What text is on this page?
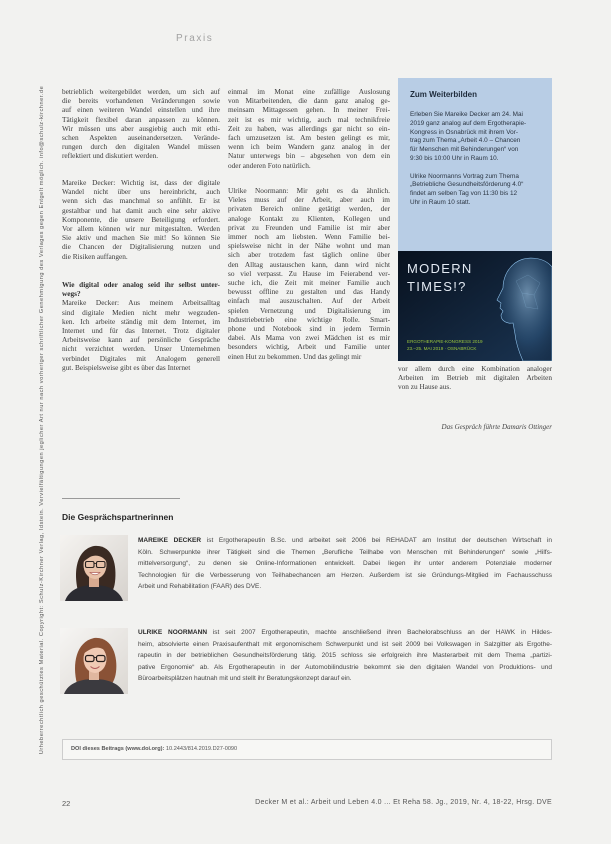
Praxis
Urheberrechtlich geschütztes Material. Copyright: Schulz-Kirchner Verlag, Idstein. Vervielfältigungen jeglicher Art nur nach vorheriger schriftlicher Genehmigung des Verlages gegen Entgelt möglich. info@schulz-kirchner.de betrieblich weitergebildet werden, um sich auf
die bereits vorhandenen Veränderungen sowie
auf einen weiteren Wandel einstellen und ihre
Tätigkeit flexibel daran anpassen zu können.
Wir müssen uns aber ausgiebig auch mit ethi-
schen Aspekten auseinandersetzen. Verände-
rungen durch den digitalen Wandel müssen
reflektiert und diskutiert werden.
Mareike Decker: Wichtig ist, dass der digitale
Wandel nicht über uns hereinbricht, auch
wenn sich das manchmal so anfühlt. Er ist
gestaltbar und hat damit auch eine sehr aktive
Komponente, die unsere Beteiligung erfordert.
Vor allem können wir nur mitgestalten. Werden
Sie aktiv und machen Sie mit! So können Sie
die Chancen der Digitalisierung nutzen und
die Risiken auffangen.
Wie digital oder analog seid ihr selbst unter-
wegs?
Mareike Decker: Aus meinem Arbeitsalltag
sind digitale Medien nicht mehr wegzuden-
ken. Ich arbeite ständig mit dem Internet, im
Internet und für das Internet. Trotz digitaler
Arbeitsweise kann auf persönliche Gespräche
nicht verzichtet werden. Unser Unternehmen
verbindet Digitales mit Analogem generell
gut. Beispielsweise gibt es über das Internet
einmal im Monat eine zufällige Auslosung
von Mitarbeitenden, die dann ganz analog ge-
meinsam Mittagessen gehen. In meiner Frei-
zeit ist es mir wichtig, auch mal technikfreie
Zeit zu haben, was allerdings gar nicht so ein-
fach umzusetzen ist. Am besten gelingt es mir,
wenn ich beim Wandern ganz analog in der
Natur unterwegs bin – abgesehen von dem ein
oder anderen Foto natürlich.
Ulrike Noormann: Mir geht es da ähnlich.
Vieles muss auf der Arbeit, aber auch im
privaten Bereich online getätigt werden, der
analoge Kontakt zu Klienten, Kollegen und
privat zu Freunden und Familie ist mir aber
immer noch am liebsten. Wenn Familie bei-
spielsweise nicht in der Nähe wohnt und man
sich aber trotzdem fast täglich online über
den Alltag austauschen kann, dann wird nicht
so viel verpasst. Zu Hause im Feierabend ver-
suche ich, die Zeit mit meiner Familie auch
bewusst offline zu gestalten und das Handy
einfach mal auszuschalten. Auf der Arbeit
spielen Vernetzung und Digitalisierung im
Industriebetrieb eine wichtige Rolle. Smart-
phone und Notebook sind in jedem Termin
dabei. Als Mama von zwei Mädchen ist es mir
besonders wichtig, Arbeit und Familie unter
einen Hut zu bekommen. Und das gelingt mir
Zum Weiterbilden
Erleben Sie Mareike Decker am 24. Mai
2019 ganz analog auf dem Ergotherapie-
Kongress in Osnabrück mit ihrem Vor-
trag zum Thema „Arbeit 4.0 – Chancen
für Menschen mit Behinderungen“ von
9:30 bis 10:00 Uhr in Raum 10.
Ulrike Noormanns Vortrag zum Thema
„Betriebliche Gesundheitsförderung 4.0“
findet am selben Tag von 11:30 bis 12
Uhr in Raum 10 statt.
MODERN
TIMES!?
ERGOTHERAPIE-KONGRESS 2019
23.–25. MAI 2019 · OSNABRÜCK
vor allem durch eine Kombination analoger
Arbeiten im Betrieb mit digitalen Arbeiten
von zu Hause aus.
Das Gespräch führte Damaris Ottinger
Die Gesprächspartnerinnen
MAREIKE DECKER ist Ergotherapeutin B.Sc. und arbeitet seit 2006 bei REHADAT am Institut der deutschen Wirtschaft in
Köln. Schwerpunkte ihrer Tätigkeit sind die Themen „Berufliche Teilhabe von Menschen mit Behinderungen“ sowie „Hilfs-
mittelversorgung“, zu denen sie Online-Informationen entwickelt. Dabei liegen ihr unter anderem Potenziale moderner
Technologien für die Verbesserung von Teilhabechancen am Herzen. Außerdem ist sie Gründungs-Mitglied im Fachausschuss
Arbeit und Rehabilitation (FAAR) des DVE.
ULRIKE NOORMANN ist seit 2007 Ergotherapeutin, machte anschließend ihren Bachelorabschluss an der HAWK in Hildes-
heim, absolvierte einen Praxisaufenthalt mit ergonomischem Schwerpunkt und ist seit 2009 bei Volkswagen in Salzgitter als Ergothe-
rapeutin in der betrieblichen Gesundheitsförderung tätig. 2015 schloss sie erfolgreich ihre Masterarbeit mit dem Thema „partizi-
pative Ergonomie“ ab. Als Ergotherapeutin in der Automobilindustrie bekommt sie den digitalen Wandel von Produktions- und
Büroarbeitsplätzen hautnah mit und stellt ihr Beratungskonzept darauf ein.
DOI dieses Beitrags (www.doi.org): 10.2443/814.2019.D27-0090
22	Decker M et al.: Arbeit und Leben 4.0 ... Et Reha 58. Jg., 2019, Nr. 4, 18-22, Hrsg. DVE
